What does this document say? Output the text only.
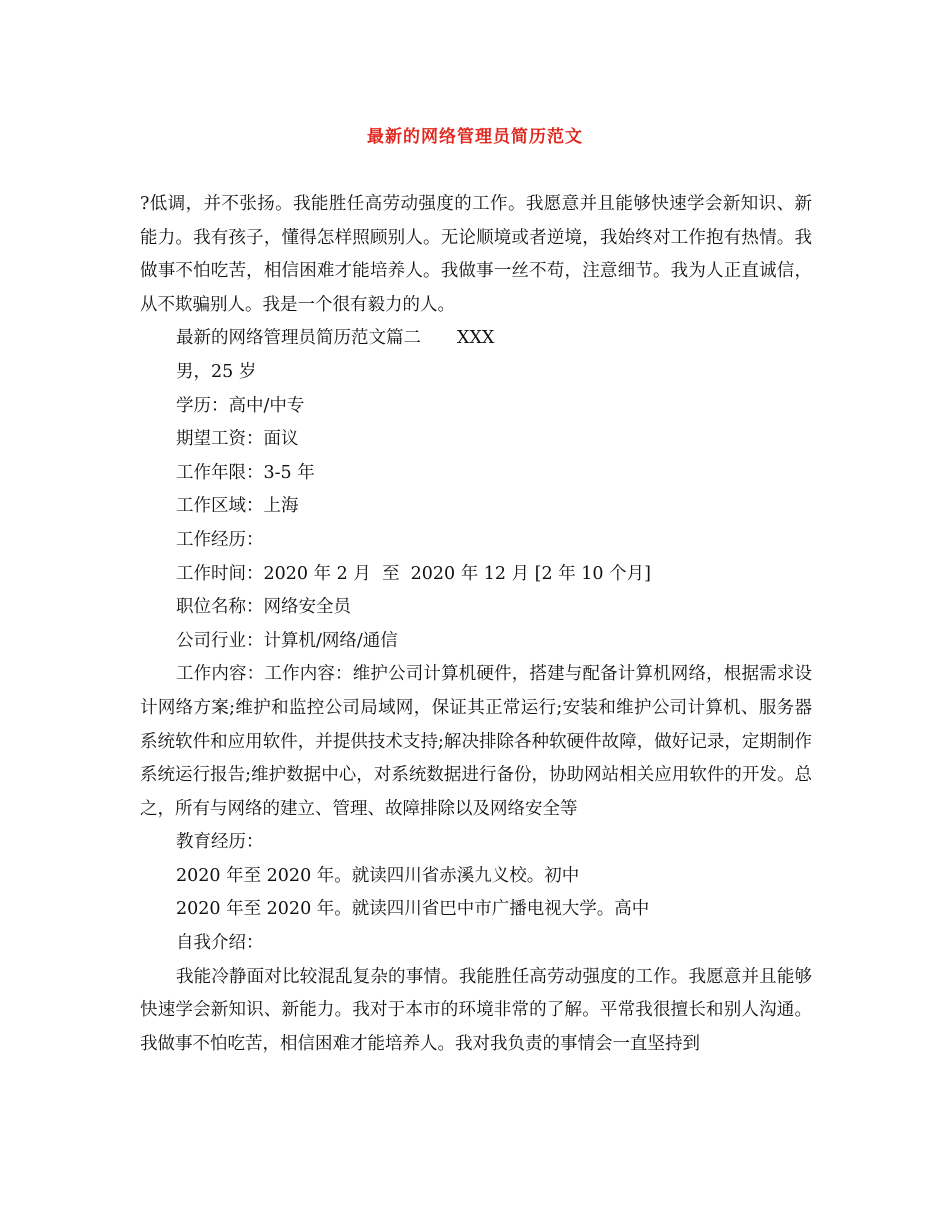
最新的网络管理员简历范文

?低调，并不张扬。我能胜任高劳动强度的工作。我愿意并且能够快速学会新知识、新能力。我有孩子，懂得怎样照顾别人。无论顺境或者逆境，我始终对工作抱有热情。我做事不怕吃苦，相信困难才能培养人。我做事一丝不苟，注意细节。我为人正直诚信，从不欺骗别人。我是一个很有毅力的人。

最新的网络管理员简历范文篇二 XXX

男，25 岁

学历：高中/中专

期望工资：面议

工作年限：3-5 年

工作区域：上海

工作经历：

工作时间：2020 年 2 月  至  2020 年 12 月 [2 年 10 个月]

职位名称：网络安全员

公司行业：计算机/网络/通信

工作内容：工作内容：维护公司计算机硬件，搭建与配备计算机网络，根据需求设计网络方案;维护和监控公司局域网，保证其正常运行;安装和维护公司计算机、服务器系统软件和应用软件，并提供技术支持;解决排除各种软硬件故障，做好记录，定期制作系统运行报告;维护数据中心，对系统数据进行备份，协助网站相关应用软件的开发。总之，所有与网络的建立、管理、故障排除以及网络安全等

教育经历：

2020 年至 2020 年。就读四川省赤溪九义校。初中

2020 年至 2020 年。就读四川省巴中市广播电视大学。高中

自我介绍：

我能冷静面对比较混乱复杂的事情。我能胜任高劳动强度的工作。我愿意并且能够快速学会新知识、新能力。我对于本市的环境非常的了解。平常我很擅长和别人沟通。我做事不怕吃苦，相信困难才能培养人。我对我负责的事情会一直坚持到
